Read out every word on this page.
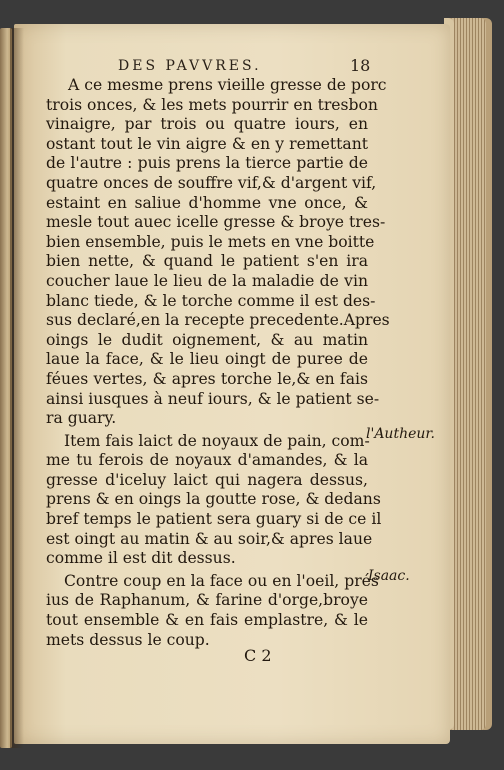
DES PAVVRES.	18
A ce mesme prens vieille gresse de porc
trois onces, & les mets pourrir en tresbon
vinaigre, par trois ou quatre iours, en
ostant tout le vin aigre & en y remettant
de l'autre : puis prens la tierce partie de
quatre onces de souffre vif,& d'argent vif,
estaint en saliue d'homme vne once, &
mesle tout auec icelle gresse & broye tres-
bien ensemble, puis le mets en vne boitte
bien nette, & quand le patient s'en ira
coucher laue le lieu de la maladie de vin
blanc tiede, & le torche comme il est des-
sus declaré,en la recepte precedente.Apres
oings le dudit oignement, & au matin
laue la face, & le lieu oingt de puree de
féues vertes, & apres torche le,& en fais
ainsi iusques à neuf iours, & le patient se-
ra guary.
Item fais laict de noyaux de pain, com-
me tu ferois de noyaux d'amandes, & la
gresse d'iceluy laict qui nagera dessus,
prens & en oings la goutte rose, & dedans
bref temps le patient sera guary si de ce il
est oingt au matin & au soir,& apres laue
comme il est dit dessus.
Contre coup en la face ou en l'oeil, prés
ius de Raphanum, & farine d'orge,broye
tout ensemble & en fais emplastre, & le
mets dessus le coup.
l'Autheur.
Isaac.
C 2
